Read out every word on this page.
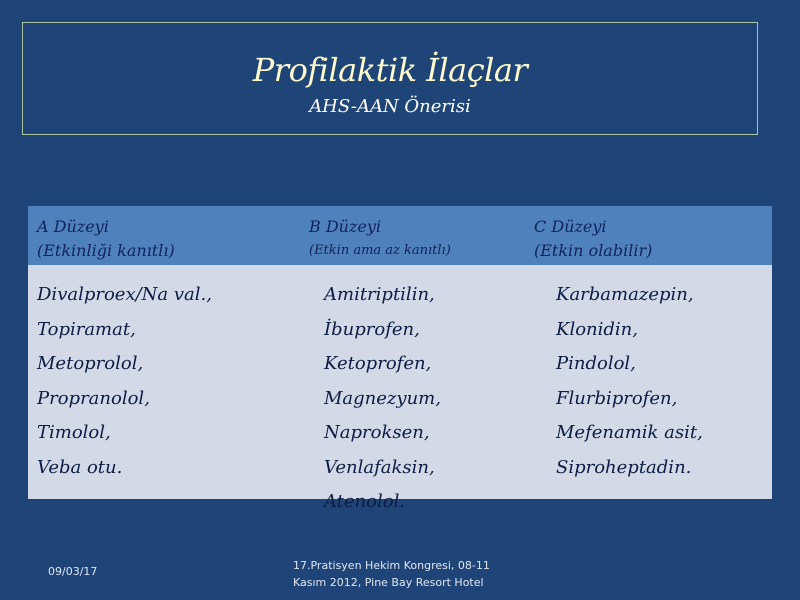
Profilaktik İlaçlar
AHS-AAN Önerisi
A Düzeyi
(Etkinliği kanıtlı)
B Düzeyi
(Etkin ama az kanıtlı)
C Düzeyi
(Etkin olabilir)
Divalproex/Na val.,
Topiramat,
Metoprolol,
Propranolol,
Timolol,
Veba otu.
Amitriptilin,
İbuprofen,
Ketoprofen,
Magnezyum,
Naproksen,
Venlafaksin,
Atenolol.
Karbamazepin,
Klonidin,
Pindolol,
Flurbiprofen,
Mefenamik asit,
Siproheptadin.
09/03/17	17.Pratisyen Hekim Kongresi, 08-11
Kasım 2012, Pine Bay Resort Hotel
